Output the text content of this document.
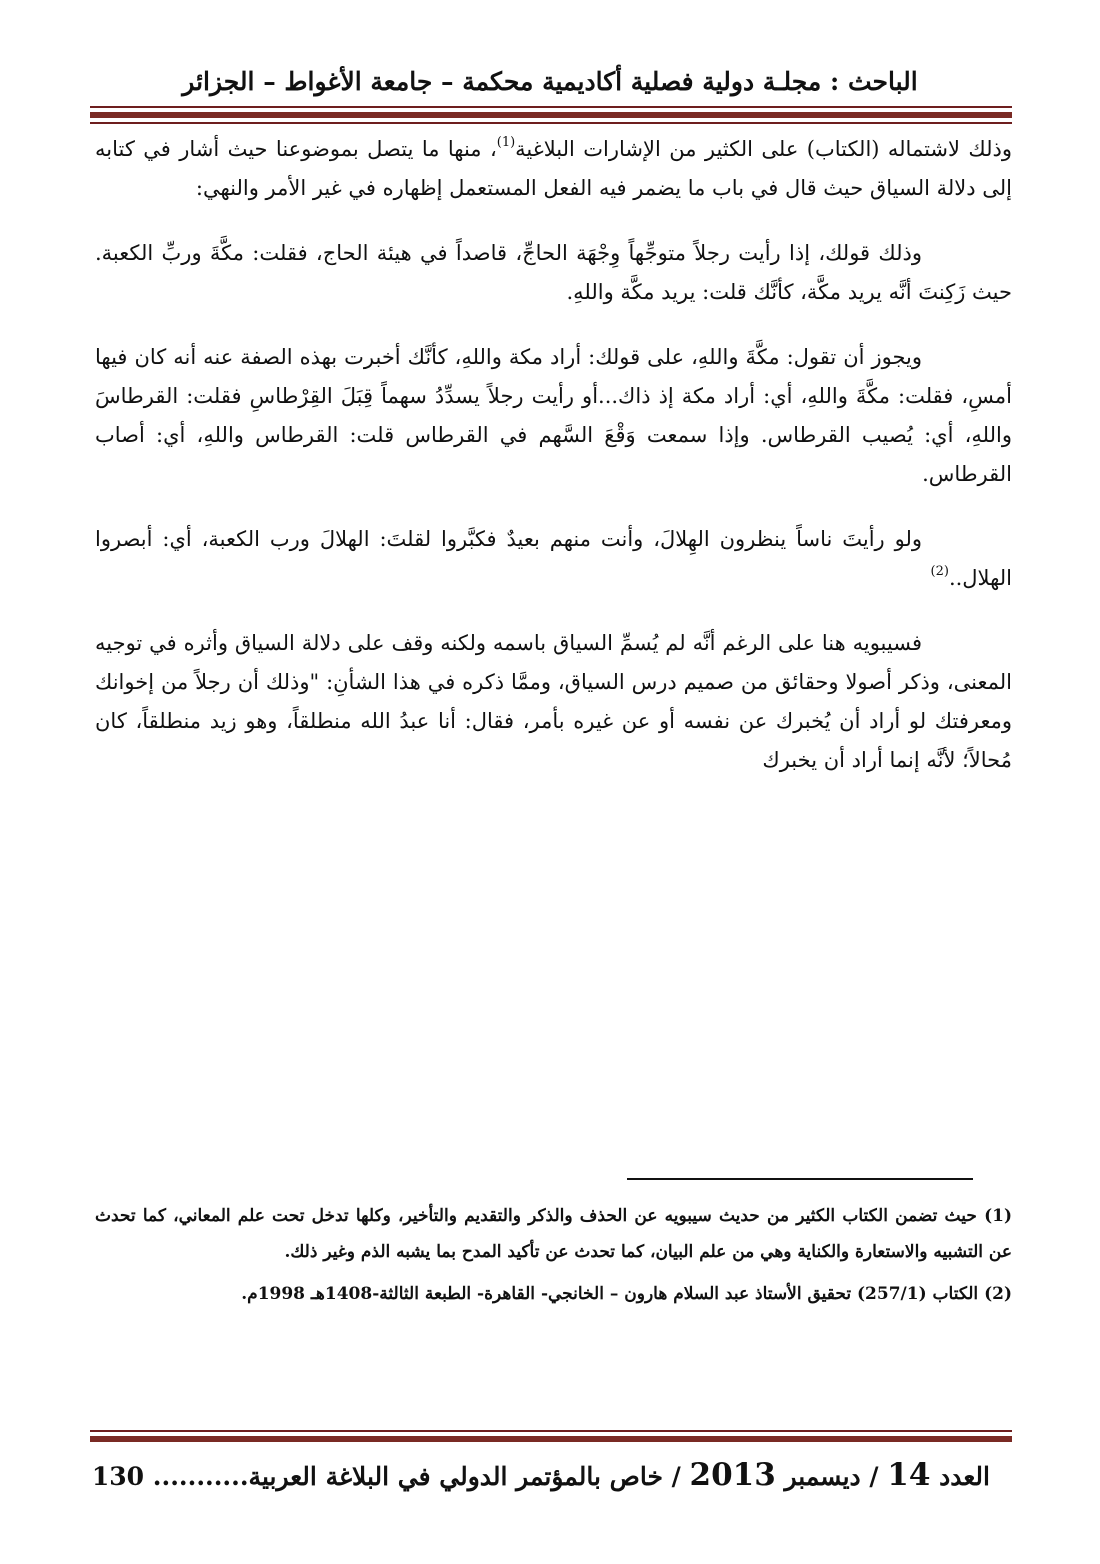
الباحث : مجلـة دولية فصلية أكاديمية محكمة – جامعة الأغواط – الجزائر

وذلك لاشتماله (الكتاب) على الكثير من الإشارات البلاغية$^{(1)}$، منها ما يتصل بموضوعنا حيث أشار في كتابه إلى دلالة السياق حيث قال في باب ما يضمر فيه الفعل المستعمل إظهاره في غير الأمر والنهي:

وذلك قولك، إذا رأيت رجلاً متوجِّهاً وِجْهَة الحاجِّ، قاصداً في هيئة الحاج، فقلت: مكَّةَ وربِّ الكعبة. حيث زَكِنتَ أنَّه يريد مكَّة، كأنَّك قلت: يريد مكَّة واللهِ.

ويجوز أن تقول: مكَّةَ واللهِ، على قولك: أراد مكة واللهِ، كأنَّك أخبرت بهذه الصفة عنه أنه كان فيها أمسِ، فقلت: مكَّةَ واللهِ، أي: أراد مكة إذ ذاك...أو رأيت رجلاً يسدِّدُ سهماً قِبَلَ القِرْطاسِ فقلت: القرطاسَ واللهِ، أي: يُصيب القرطاس. وإذا سمعت وَقْعَ السَّهم في القرطاس قلت: القرطاس واللهِ، أي: أصاب القرطاس.

ولو رأيتَ ناساً ينظرون الهِلالَ، وأنت منهم بعيدٌ فكبَّروا لقلتَ: الهلالَ ورب الكعبة، أي: أبصروا الهلال..$^{(2)}$

فسيبويه هنا على الرغم أنَّه لم يُسمِّ السياق باسمه ولكنه وقف على دلالة السياق وأثره في توجيه المعنى، وذكر أصولا وحقائق من صميم درس السياق، وممَّا ذكره في هذا الشأنِ: "وذلك أن رجلاً من إخوانك ومعرفتك لو أراد أن يُخبرك عن نفسه أو عن غيره بأمر، فقال: أنا عبدُ الله منطلقاً، وهو زيد منطلقاً، كان مُحالاً؛ لأنَّه إنما أراد أن يخبرك

(1) حيث تضمن الكتاب الكثير من حديث سيبويه عن الحذف والذكر والتقديم والتأخير، وكلها تدخل تحت علم المعاني، كما تحدث عن التشبيه والاستعارة والكناية وهي من علم البيان، كما تحدث عن تأكيد المدح بما يشبه الذم وغير ذلك.

(2) الكتاب (257/1) تحقيق الأستاذ عبد السلام هارون – الخانجي- القاهرة- الطبعة الثالثة-1408هـ 1998م.

العدد 14 / ديسمبر 2013 / خاص بالمؤتمر الدولي في البلاغة العربية........... 130
